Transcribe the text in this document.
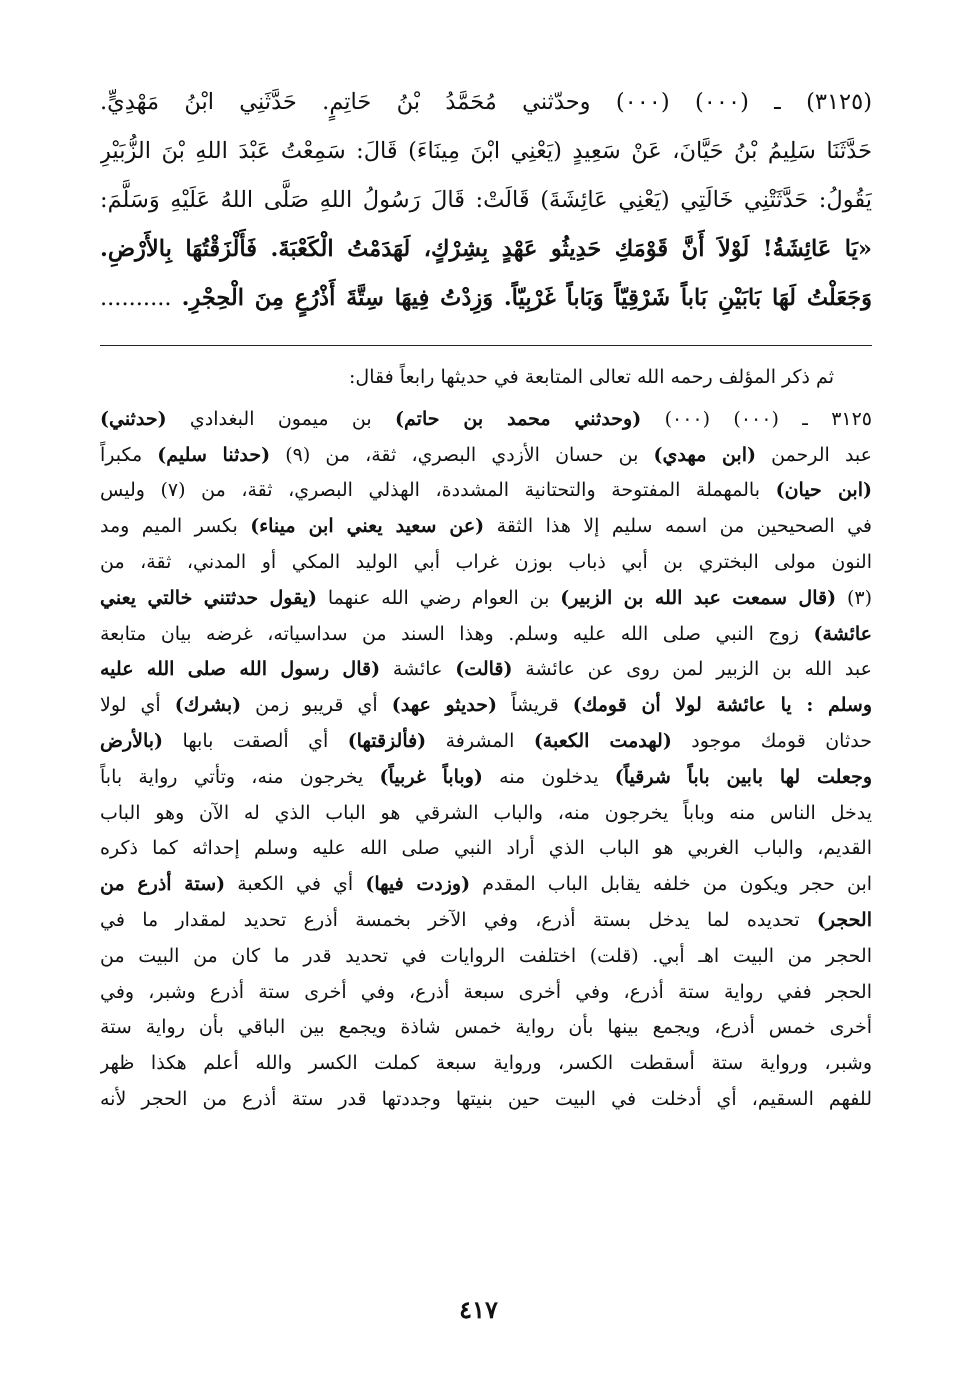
(٣١٢٥) ـ (٠٠٠) (٠٠٠) وحدّثني مُحَمَّدُ بْنُ حَاتِمٍ. حَدَّثَنِي ابْنُ مَهْدِيٍّ.
حَدَّثَنَا سَلِيمُ بْنُ حَيَّانَ، عَنْ سَعِيدٍ (يَعْنِي ابْنَ مِينَاءَ) قَالَ: سَمِعْتُ عَبْدَ اللهِ بْنَ الزُّبَيْرِ
يَقُولُ: حَدَّثَتْنِي خَالَتِي (يَعْنِي عَائِشَةَ) قَالَتْ: قَالَ رَسُولُ اللهِ صَلَّى اللهُ عَلَيْهِ وَسَلَّمَ:
«يَا عَائِشَةُ! لَوْلاَ أَنَّ قَوْمَكِ حَدِيثُو عَهْدٍ بِشِرْكٍ، لَهَدَمْتُ الْكَعْبَةَ. فَأَلْزَقْتُهَا بِالأَرْضِ.
وَجَعَلْتُ لَهَا بَابَيْنِ بَاباً شَرْقِيّاً وَبَاباً غَرْبِيّاً. وَزِدْتُ فِيهَا سِتَّةَ أَذْرُعٍ مِنَ الْحِجْرِ. ..........
ثم ذكر المؤلف رحمه الله تعالى المتابعة في حديثها رابعاً فقال:
٣١٢٥ ـ (٠٠٠) (٠٠٠) (وحدثني محمد بن حاتم) بن ميمون البغدادي (حدثني)
عبد الرحمن (ابن مهدي) بن حسان الأزدي البصري، ثقة، من (٩) (حدثنا سليم) مكبراً
(ابن حيان) بالمهملة المفتوحة والتحتانية المشددة، الهذلي البصري، ثقة، من (٧) وليس
في الصحيحين من اسمه سليم إلا هذا الثقة (عن سعيد يعني ابن ميناء) بكسر الميم ومد
النون مولى البختري بن أبي ذباب بوزن غراب أبي الوليد المكي أو المدني، ثقة، من
(٣) (قال سمعت عبد الله بن الزبير) بن العوام رضي الله عنهما (يقول حدثتني خالتي يعني
عائشة) زوج النبي صلى الله عليه وسلم. وهذا السند من سداسياته، غرضه بيان متابعة
عبد الله بن الزبير لمن روى عن عائشة (قالت) عائشة (قال رسول الله صلى الله عليه
وسلم : يا عائشة لولا أن قومك) قريشاً (حديثو عهد) أي قريبو زمن (بشرك) أي لولا
حدثان قومك موجود (لهدمت الكعبة) المشرفة (فألزقتها) أي ألصقت بابها (بالأرض
وجعلت لها بابين باباً شرقياً) يدخلون منه (وباباً غربياً) يخرجون منه، وتأتي رواية باباً
يدخل الناس منه وباباً يخرجون منه، والباب الشرقي هو الباب الذي له الآن وهو الباب
القديم، والباب الغربي هو الباب الذي أراد النبي صلى الله عليه وسلم إحداثه كما ذكره
ابن حجر ويكون من خلفه يقابل الباب المقدم (وزدت فيها) أي في الكعبة (ستة أذرع من
الحجر) تحديده لما يدخل بستة أذرع، وفي الآخر بخمسة أذرع تحديد لمقدار ما في
الحجر من البيت اهـ أبي. (قلت) اختلفت الروايات في تحديد قدر ما كان من البيت من
الحجر ففي رواية ستة أذرع، وفي أخرى سبعة أذرع، وفي أخرى ستة أذرع وشبر، وفي
أخرى خمس أذرع، ويجمع بينها بأن رواية خمس شاذة ويجمع بين الباقي بأن رواية ستة
وشبر، ورواية ستة أسقطت الكسر، ورواية سبعة كملت الكسر والله أعلم هكذا ظهر
للفهم السقيم، أي أدخلت في البيت حين بنيتها وجددتها قدر ستة أذرع من الحجر لأنه
٤١٧
